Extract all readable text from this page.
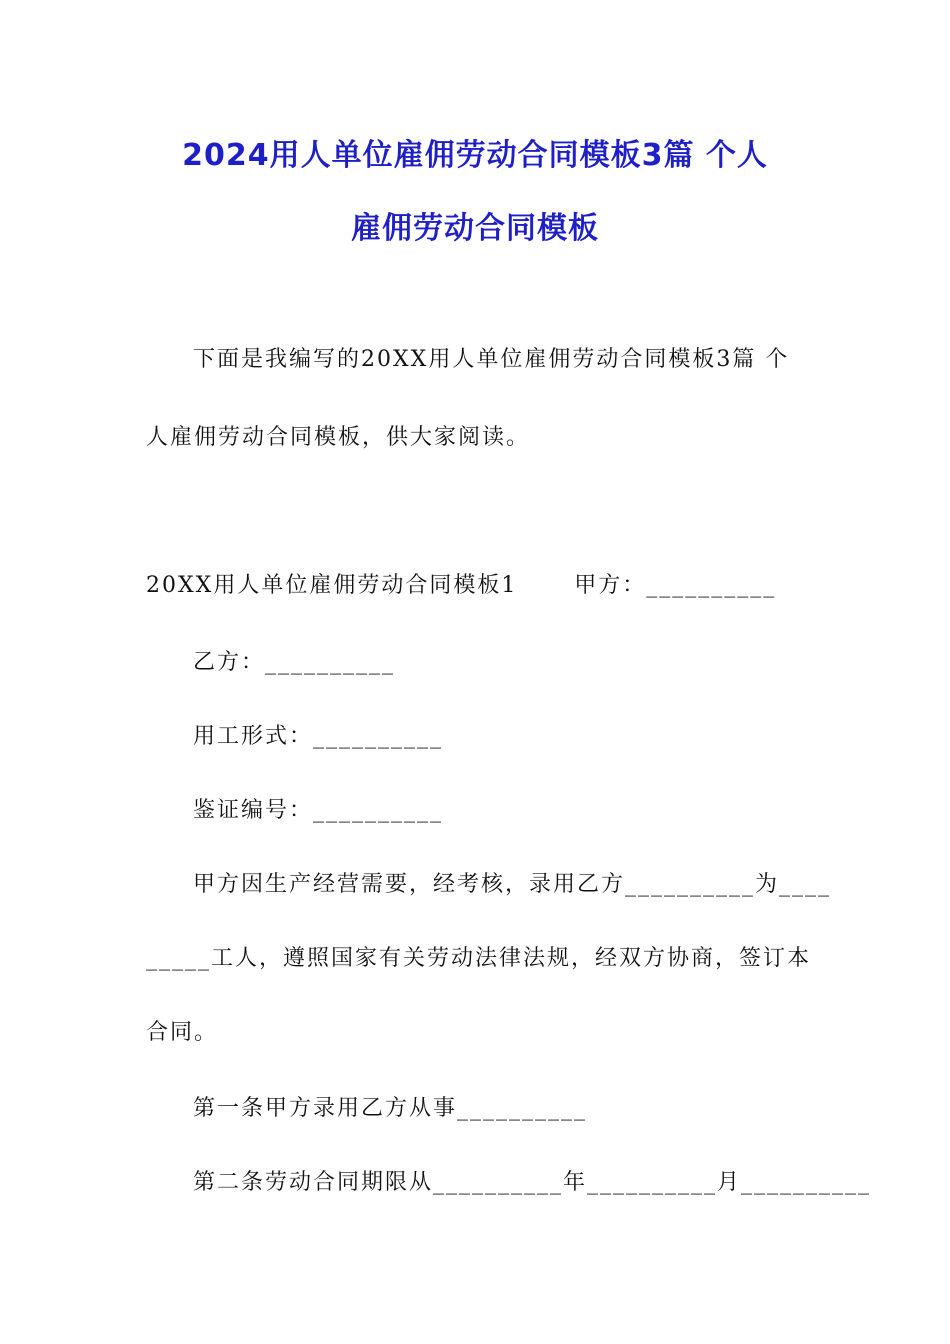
2024用人单位雇佣劳动合同模板3篇 个人
雇佣劳动合同模板
下面是我编写的20XX用人单位雇佣劳动合同模板3篇 个
人雇佣劳动合同模板，供大家阅读。
20XX用人单位雇佣劳动合同模板1　　 甲方：__________
乙方：__________
用工形式：__________
鉴证编号：__________
甲方因生产经营需要，经考核，录用乙方__________为____
_____工人，遵照国家有关劳动法律法规，经双方协商，签订本
合同。
第一条甲方录用乙方从事__________
第二条劳动合同期限从__________年__________月__________
